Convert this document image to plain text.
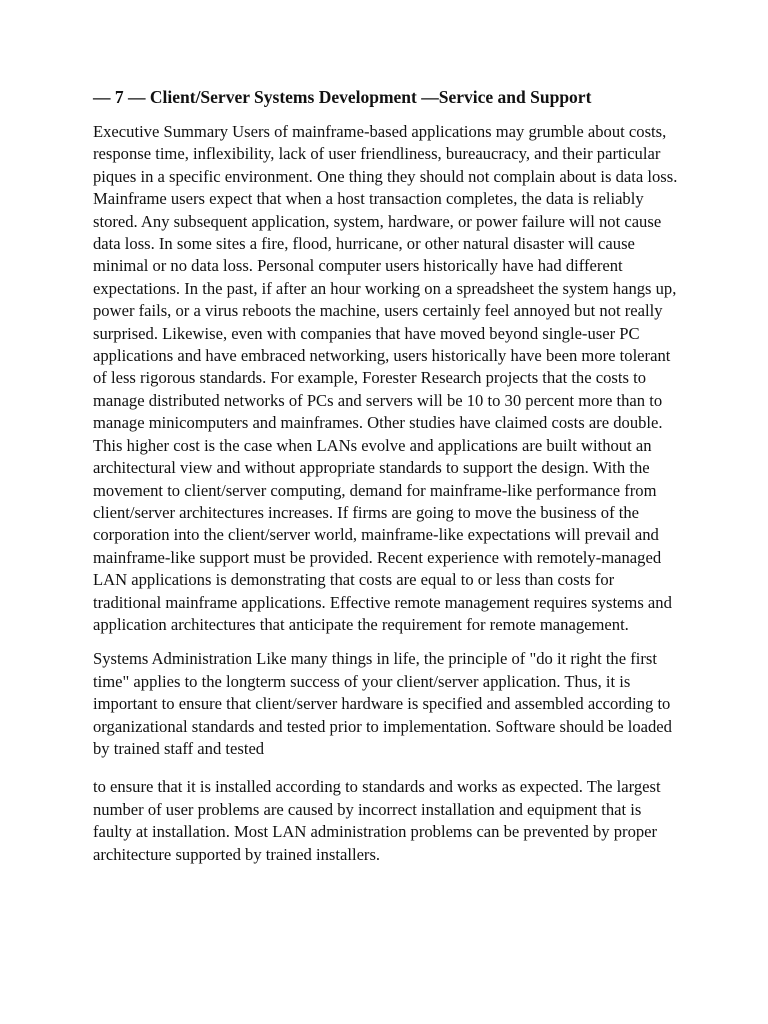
— 7 — Client/Server Systems Development —Service and Support

Executive Summary Users of mainframe-based applications may grumble about costs, response time, inflexibility, lack of user friendliness, bureaucracy, and their particular piques in a specific environment. One thing they should not complain about is data loss. Mainframe users expect that when a host transaction completes, the data is reliably stored. Any subsequent application, system, hardware, or power failure will not cause data loss. In some sites a fire, flood, hurricane, or other natural disaster will cause minimal or no data loss. Personal computer users historically have had different expectations. In the past, if after an hour working on a spreadsheet the system hangs up, power fails, or a virus reboots the machine, users certainly feel annoyed but not really surprised. Likewise, even with companies that have moved beyond single-user PC applications and have embraced networking, users historically have been more tolerant of less rigorous standards. For example, Forester Research projects that the costs to manage distributed networks of PCs and servers will be 10 to 30 percent more than to manage minicomputers and mainframes. Other studies have claimed costs are double. This higher cost is the case when LANs evolve and applications are built without an architectural view and without appropriate standards to support the design. With the movement to client/server computing, demand for mainframe-like performance from client/server architectures increases. If firms are going to move the business of the corporation into the client/server world, mainframe-like expectations will prevail and mainframe-like support must be provided. Recent experience with remotely-managed LAN applications is demonstrating that costs are equal to or less than costs for traditional mainframe applications. Effective remote management requires systems and application architectures that anticipate the requirement for remote management.

Systems Administration Like many things in life, the principle of "do it right the first time" applies to the longterm success of your client/server application. Thus, it is important to ensure that client/server hardware is specified and assembled according to organizational standards and tested prior to implementation. Software should be loaded by trained staff and tested

to ensure that it is installed according to standards and works as expected. The largest number of user problems are caused by incorrect installation and equipment that is faulty at installation. Most LAN administration problems can be prevented by proper architecture supported by trained installers.
